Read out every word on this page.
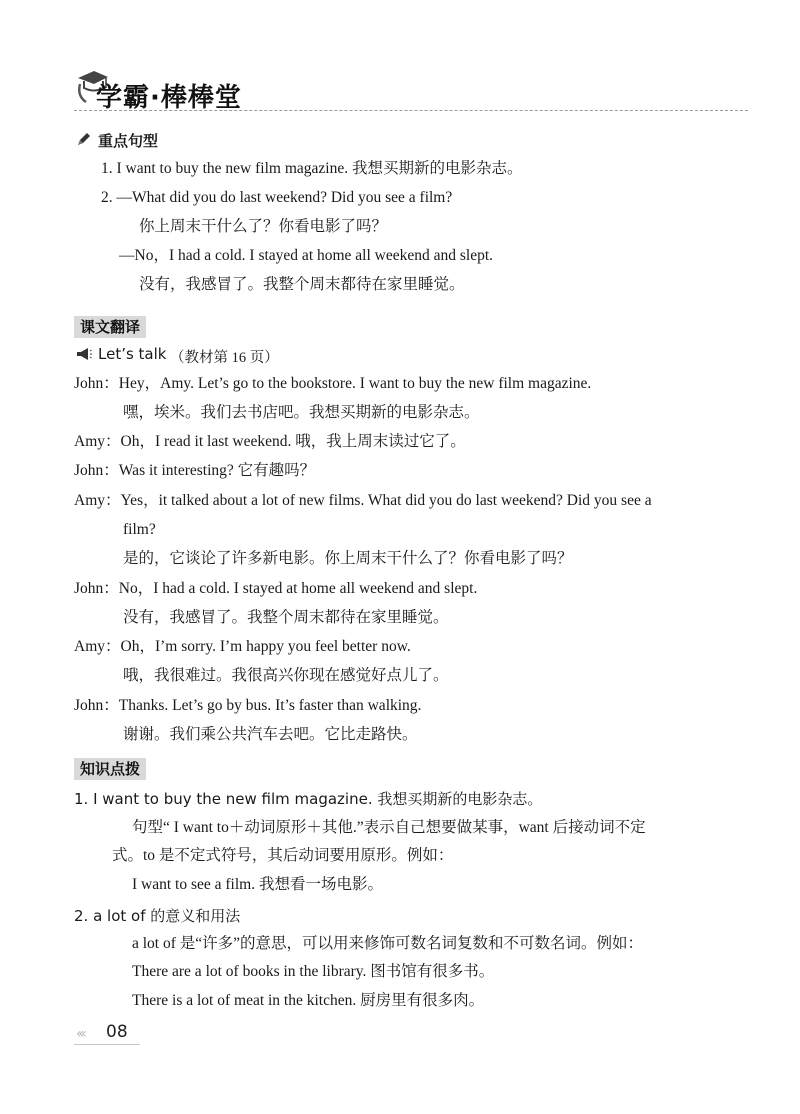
学霸·棒棒堂
重点句型
1. I want to buy the new film magazine. 我想买期新的电影杂志。
2. —What did you do last weekend? Did you see a film?
你上周末干什么了？你看电影了吗？
—No，I had a cold. I stayed at home all weekend and slept.
没有，我感冒了。我整个周末都待在家里睡觉。
课文翻译
Let’s talk （教材第 16 页）
John：Hey，Amy. Let’s go to the bookstore. I want to buy the new film magazine.
嘿，埃米。我们去书店吧。我想买期新的电影杂志。
Amy：Oh，I read it last weekend. 哦，我上周末读过它了。
John：Was it interesting? 它有趣吗？
Amy：Yes，it talked about a lot of new films. What did you do last weekend? Did you see a
film?
是的，它谈论了许多新电影。你上周末干什么了？你看电影了吗？
John：No，I had a cold. I stayed at home all weekend and slept.
没有，我感冒了。我整个周末都待在家里睡觉。
Amy：Oh，I’m sorry. I’m happy you feel better now.
哦，我很难过。我很高兴你现在感觉好点儿了。
John：Thanks. Let’s go by bus. It’s faster than walking.
谢谢。我们乘公共汽车去吧。它比走路快。
知识点拨
1. I want to buy the new film magazine. 我想买期新的电影杂志。
句型“ I want to＋动词原形＋其他.”表示自己想要做某事，want 后接动词不定
式。to 是不定式符号，其后动词要用原形。例如：
I want to see a film. 我想看一场电影。
2. a lot of 的意义和用法
a lot of 是“许多”的意思，可以用来修饰可数名词复数和不可数名词。例如：
There are a lot of books in the library. 图书馆有很多书。
There is a lot of meat in the kitchen. 厨房里有很多肉。
‹‹‹ 08
